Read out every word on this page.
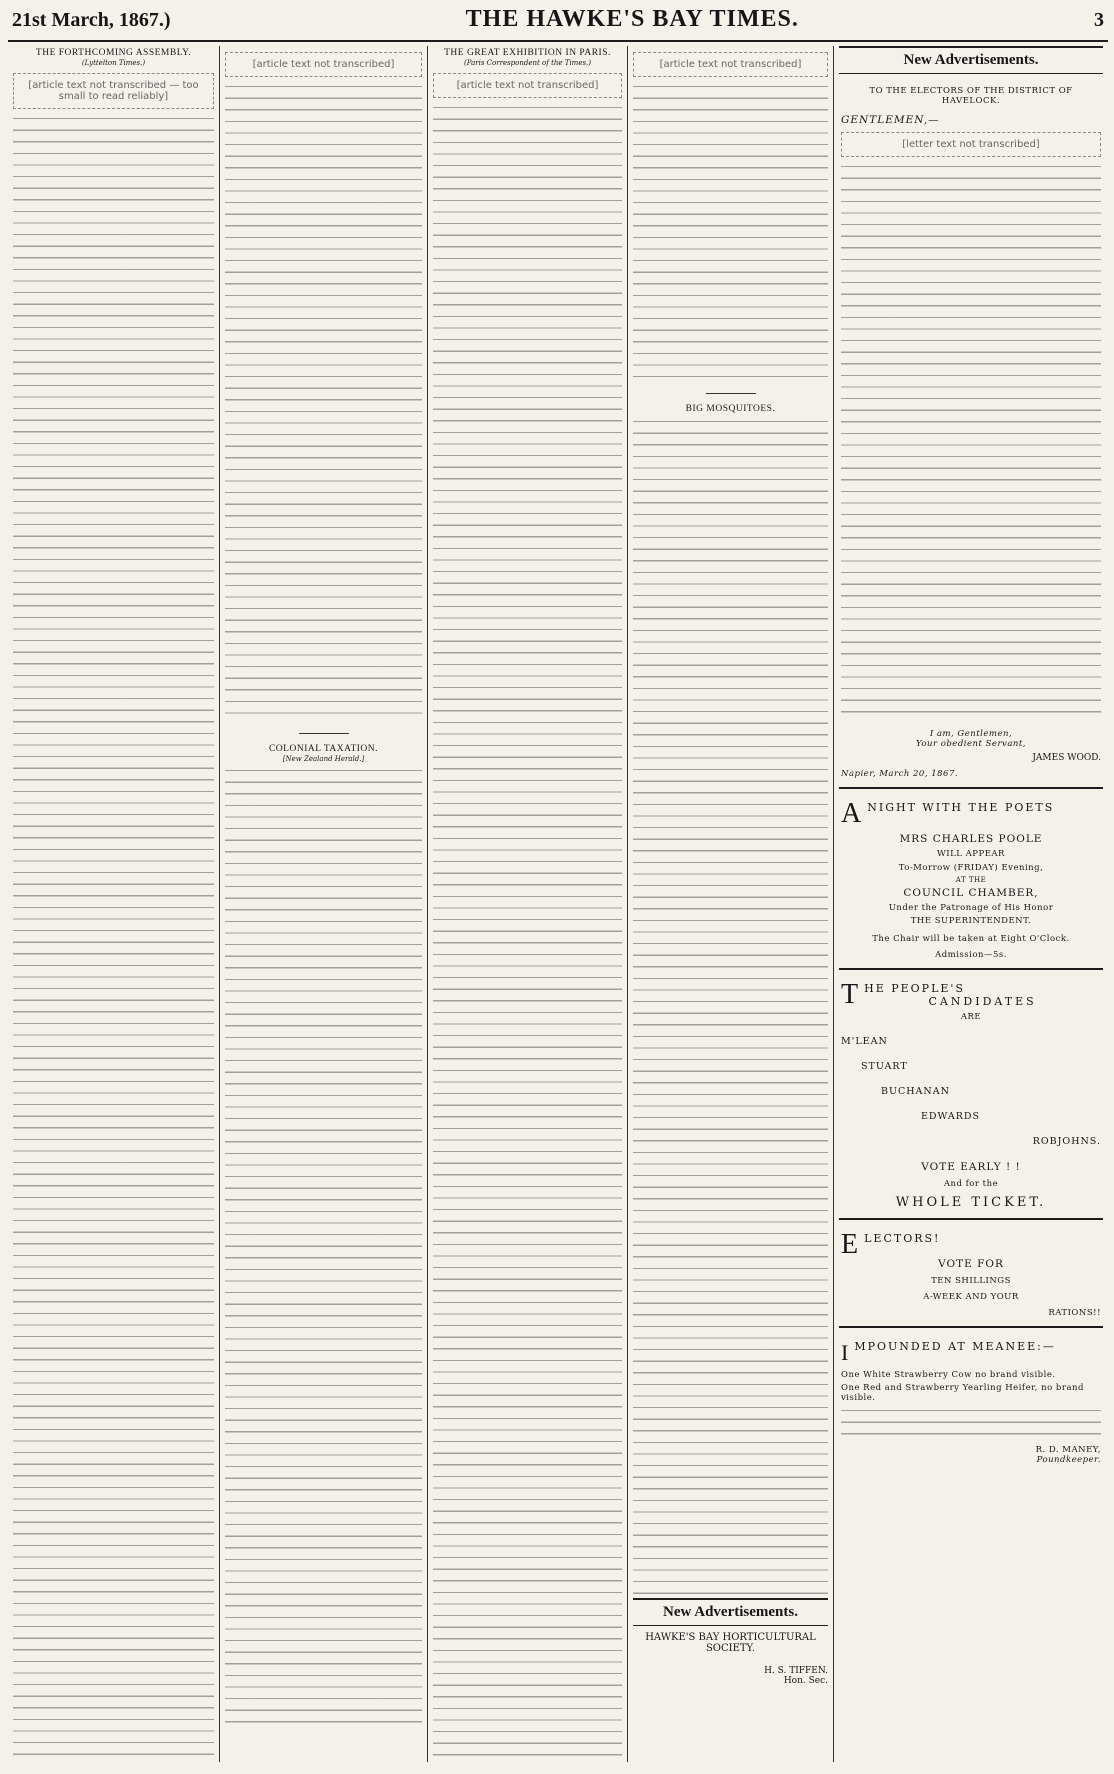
21st March, 1867.)	THE HAWKE'S BAY TIMES.	3
THE FORTHCOMING ASSEMBLY.
(Lyttelton Times.)
[article text not transcribed — too small to read reliably]
[article text not transcribed]
COLONIAL TAXATION.
[New Zealand Herald.]
THE GREAT EXHIBITION IN PARIS.
(Paris Correspondent of the Times.)
[article text not transcribed]
[article text not transcribed]
BIG MOSQUITOES.
New Advertisements.
HAWKE'S BAY HORTICULTURAL SOCIETY.
H. S. TIFFEN.
Hon. Sec.
New Advertisements.
TO THE ELECTORS OF THE DISTRICT OF HAVELOCK.
GENTLEMEN,—
[letter text not transcribed]
I am, Gentlemen,
Your obedient Servant,
JAMES WOOD.
Napier, March 20, 1867.
ANIGHT WITH THE POETS
MRS CHARLES POOLE
WILL APPEAR
To-Morrow (FRIDAY) Evening,
AT THE
COUNCIL CHAMBER,
Under the Patronage of His Honor
THE SUPERINTENDENT.
The Chair will be taken at Eight O'Clock.
Admission—5s.
THE PEOPLE'S
CANDIDATES
ARE
M'LEAN
STUART
BUCHANAN
EDWARDS
ROBJOHNS.
VOTE EARLY ! !
And for the
WHOLE TICKET.
ELECTORS!
VOTE FOR
TEN SHILLINGS
A-WEEK AND YOUR
RATIONS!!
IMPOUNDED AT MEANEE:—
One White Strawberry Cow no brand visible.
One Red and Strawberry Yearling Heifer, no brand visible.
R. D. MANEY,
Poundkeeper.
